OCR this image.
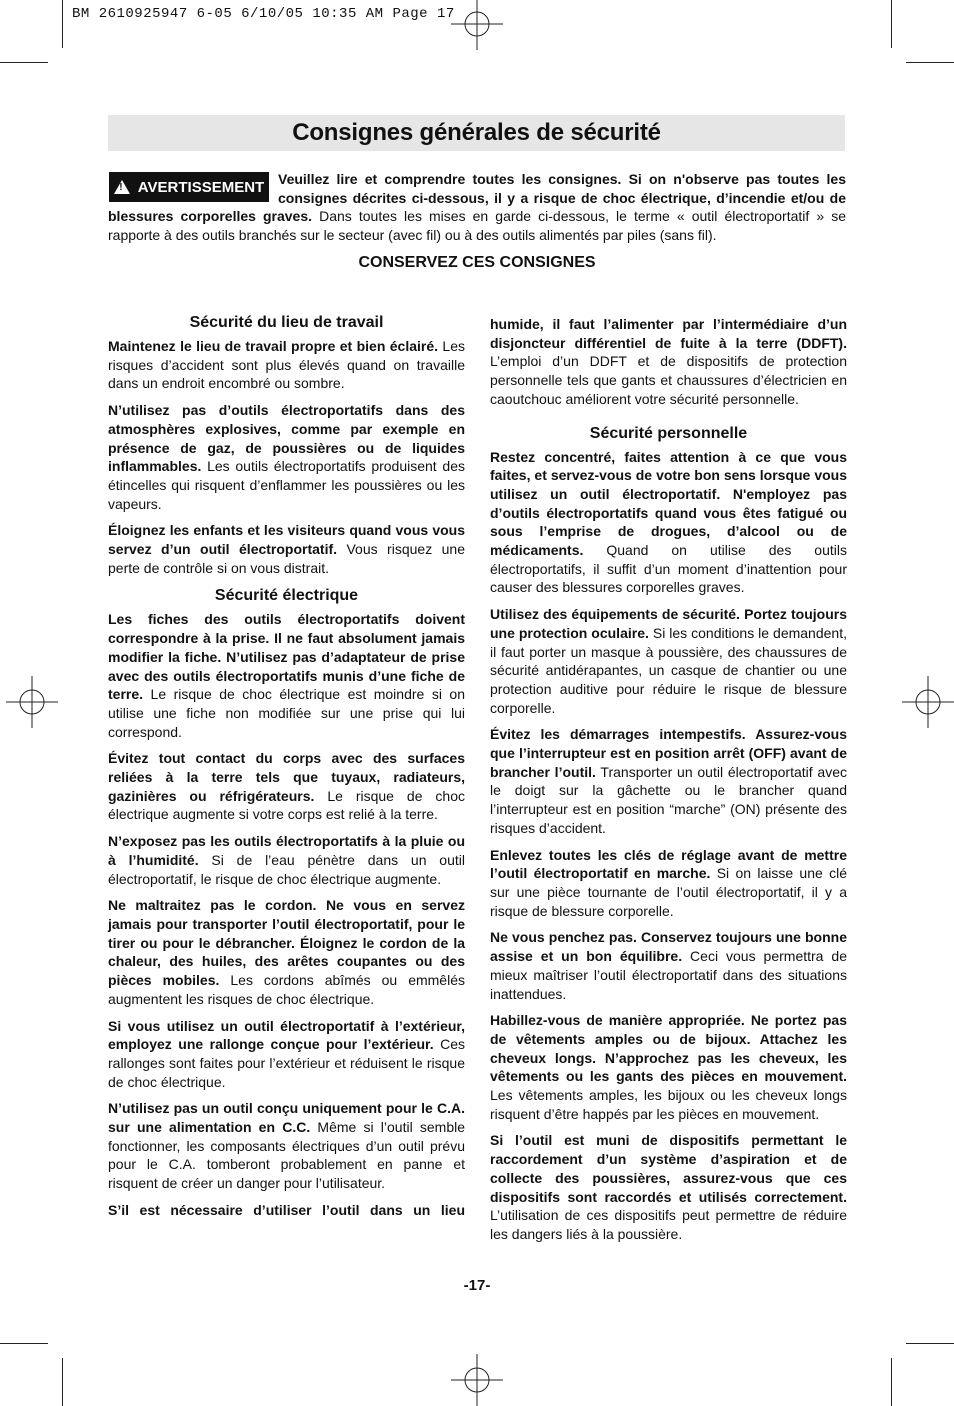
BM 2610925947 6-05 6/10/05 10:35 AM Page 17
Consignes générales de sécurité
Veuillez lire et comprendre toutes les consignes. Si on n'observe pas toutes les consignes décrites ci-dessous, il y a risque de choc électrique, d’incendie et/ou de blessures corporelles graves. Dans toutes les mises en garde ci-dessous, le terme « outil électroportatif » se rapporte à des outils branchés sur le secteur (avec fil) ou à des outils alimentés par piles (sans fil).
!
AVERTISSEMENT
CONSERVEZ CES CONSIGNES
Sécurité du lieu de travail

Maintenez le lieu de travail propre et bien éclairé. Les risques d’accident sont plus élevés quand on travaille dans un endroit encombré ou sombre.

N’utilisez pas d’outils électroportatifs dans des atmosphères explosives, comme par exemple en présence de gaz, de poussières ou de liquides inflammables. Les outils électroportatifs produisent des étincelles qui risquent d’enflammer les poussières ou les vapeurs.

Éloignez les enfants et les visiteurs quand vous vous servez d’un outil électroportatif. Vous risquez une perte de contrôle si on vous distrait.

Sécurité électrique

Les fiches des outils électroportatifs doivent correspondre à la prise. Il ne faut absolument jamais modifier la fiche. N’utilisez pas d’adaptateur de prise avec des outils électroportatifs munis d’une fiche de terre. Le risque de choc électrique est moindre si on utilise une fiche non modifiée sur une prise qui lui correspond.

Évitez tout contact du corps avec des surfaces reliées à la terre tels que tuyaux, radiateurs, gazinières ou réfrigérateurs. Le risque de choc électrique augmente si votre corps est relié à la terre.

N’exposez pas les outils électroportatifs à la pluie ou à l’humidité. Si de l’eau pénètre dans un outil électroportatif, le risque de choc électrique augmente.

Ne maltraitez pas le cordon. Ne vous en servez jamais pour transporter l’outil électroportatif, pour le tirer ou pour le débrancher. Éloignez le cordon de la chaleur, des huiles, des arêtes coupantes ou des pièces mobiles. Les cordons abîmés ou emmêlés augmentent les risques de choc électrique.

Si vous utilisez un outil électroportatif à l’extérieur, employez une rallonge conçue pour l’extérieur. Ces rallonges sont faites pour l’extérieur et réduisent le risque de choc électrique.

N’utilisez pas un outil conçu uniquement pour le C.A. sur une alimentation en C.C. Même si l’outil semble fonctionner, les composants électriques d’un outil prévu pour le C.A. tomberont probablement en panne et risquent de créer un danger pour l’utilisateur.

S’il est nécessaire d’utiliser l’outil dans un lieu

humide, il faut l’alimenter par l’intermédiaire d’un disjoncteur différentiel de fuite à la terre (DDFT). L’emploi d’un DDFT et de dispositifs de protection personnelle tels que gants et chaussures d’électricien en caoutchouc améliorent votre sécurité personnelle.

Sécurité personnelle

Restez concentré, faites attention à ce que vous faites, et servez-vous de votre bon sens lorsque vous utilisez un outil électroportatif. N'employez pas d’outils électroportatifs quand vous êtes fatigué ou sous l’emprise de drogues, d’alcool ou de médicaments. Quand on utilise des outils électroportatifs, il suffit d’un moment d’inattention pour causer des blessures corporelles graves.

Utilisez des équipements de sécurité. Portez toujours une protection oculaire. Si les conditions le demandent, il faut porter un masque à poussière, des chaussures de sécurité antidérapantes, un casque de chantier ou une protection auditive pour réduire le risque de blessure corporelle.

Évitez les démarrages intempestifs. Assurez-vous que l’interrupteur est en position arrêt (OFF) avant de brancher l’outil. Transporter un outil électroportatif avec le doigt sur la gâchette ou le brancher quand l’interrupteur est en position “marche” (ON) présente des risques d’accident.

Enlevez toutes les clés de réglage avant de mettre l’outil électroportatif en marche. Si on laisse une clé sur une pièce tournante de l’outil électroportatif, il y a risque de blessure corporelle.

Ne vous penchez pas. Conservez toujours une bonne assise et un bon équilibre. Ceci vous permettra de mieux maîtriser l’outil électroportatif dans des situations inattendues.

Habillez-vous de manière appropriée. Ne portez pas de vêtements amples ou de bijoux. Attachez les cheveux longs. N’approchez pas les cheveux, les vêtements ou les gants des pièces en mouvement. Les vêtements amples, les bijoux ou les cheveux longs risquent d’être happés par les pièces en mouvement.

Si l’outil est muni de dispositifs permettant le raccordement d’un système d’aspiration et de collecte des poussières, assurez-vous que ces dispositifs sont raccordés et utilisés correctement. L’utilisation de ces dispositifs peut permettre de réduire les dangers liés à la poussière.

-17-
